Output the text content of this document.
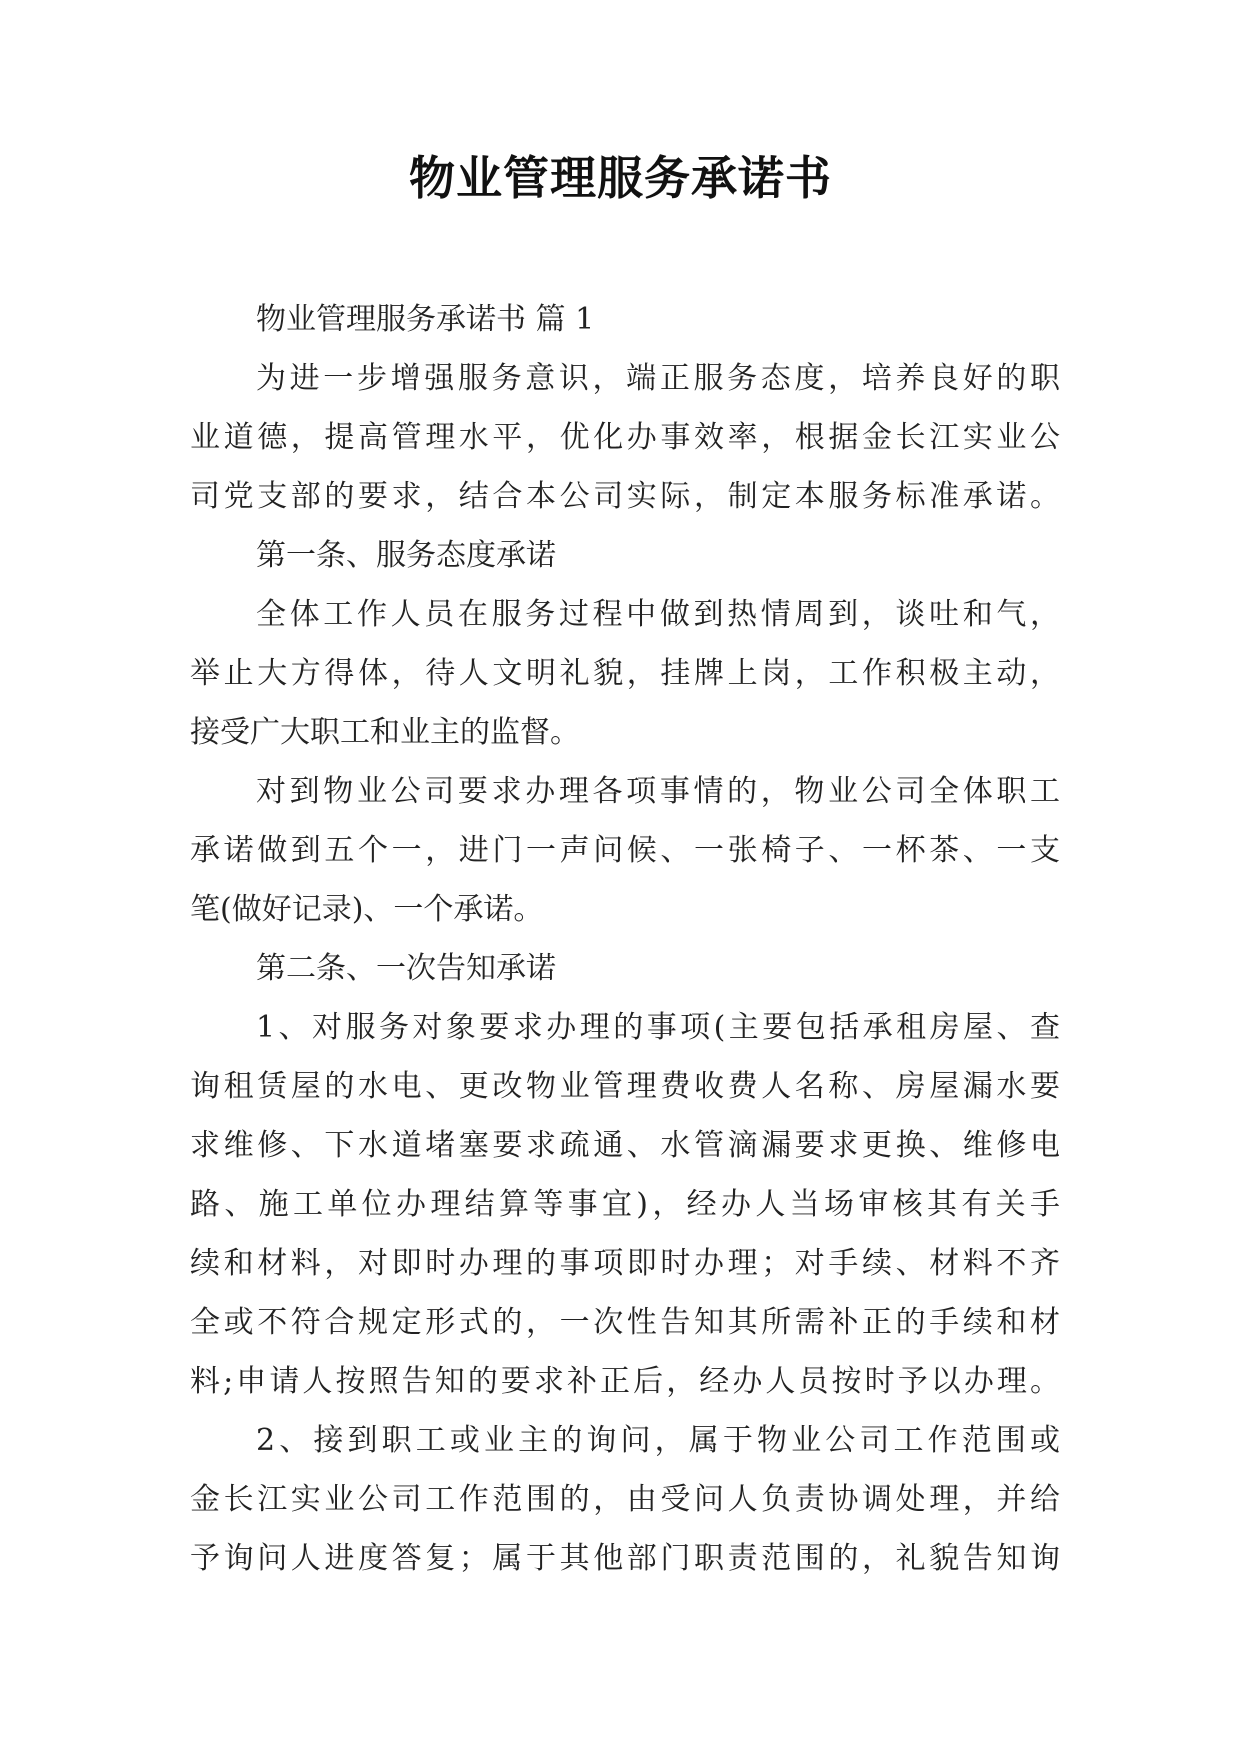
物业管理服务承诺书
物业管理服务承诺书 篇 1
为进一步增强服务意识，端正服务态度，培养良好的职
业道德，提高管理水平，优化办事效率，根据金长江实业公
司党支部的要求，结合本公司实际，制定本服务标准承诺。
第一条、服务态度承诺
全体工作人员在服务过程中做到热情周到，谈吐和气，
举止大方得体，待人文明礼貌，挂牌上岗，工作积极主动，
接受广大职工和业主的监督。
对到物业公司要求办理各项事情的，物业公司全体职工
承诺做到五个一，进门一声问候、一张椅子、一杯茶、一支
笔(做好记录)、一个承诺。
第二条、一次告知承诺
1、对服务对象要求办理的事项(主要包括承租房屋、查
询租赁屋的水电、更改物业管理费收费人名称、房屋漏水要
求维修、下水道堵塞要求疏通、水管滴漏要求更换、维修电
路、施工单位办理结算等事宜)，经办人当场审核其有关手
续和材料，对即时办理的事项即时办理；对手续、材料不齐
全或不符合规定形式的，一次性告知其所需补正的手续和材
料;申请人按照告知的要求补正后，经办人员按时予以办理。
2、接到职工或业主的询问，属于物业公司工作范围或
金长江实业公司工作范围的，由受问人负责协调处理，并给
予询问人进度答复；属于其他部门职责范围的，礼貌告知询
